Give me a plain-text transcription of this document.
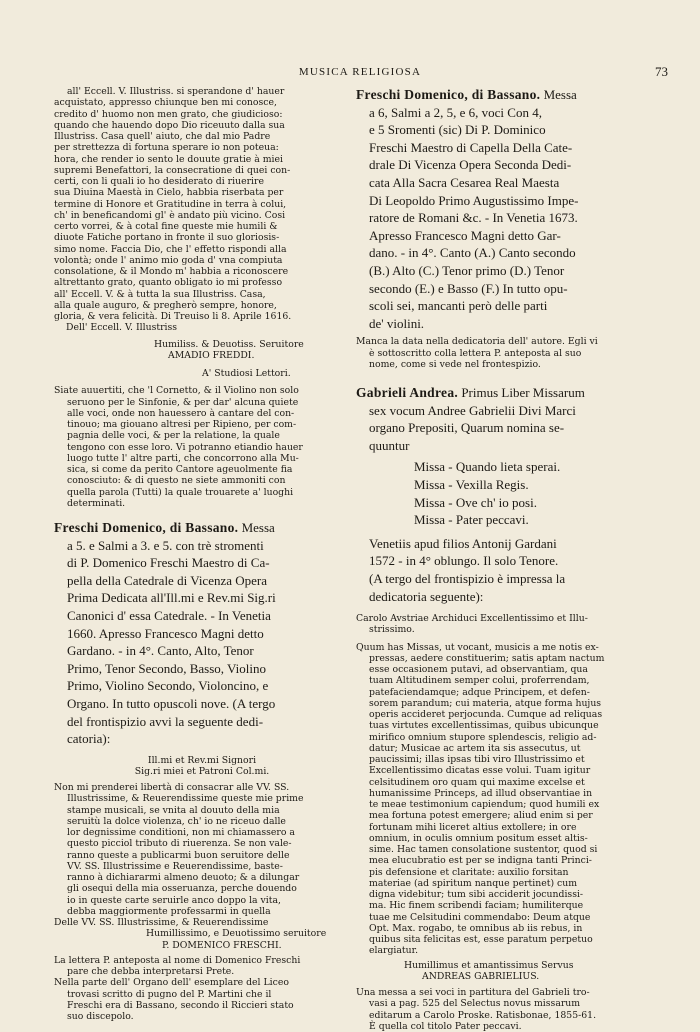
MUSICA RELIGIOSA	73

all' Eccell. V. Illustriss. si sperandone d' hauer

acquistato, appresso chiunque ben mi conosce,

credito d' huomo non men grato, che giudicioso:

quando che hauendo dopo Dio riceuuto dalla sua

Illustriss. Casa quell' aiuto, che dal mio Padre

per strettezza di fortuna sperare io non poteua:

hora, che render io sento le douute gratie à miei

supremi Benefattori, la consecratione di quei con-

certi, con li quali io ho desiderato di riuerire

sua Diuina Maestà in Cielo, habbia riserbata per

termine di Honore et Gratitudine in terra à colui,

ch' in beneficandomi gl' è andato più vicino. Cosi

certo vorrei, & à cotal fine queste mie humili &

diuote Fatiche portano in fronte il suo gloriosis-

simo nome. Faccia Dio, che l' effetto rispondi alla

volontà; onde l' animo mio goda d' vna compiuta

consolatione, & il Mondo m' habbia a riconoscere

altrettanto grato, quanto obligato io mi professo

all' Eccell. V. & à tutta la sua Illustriss. Casa,

alla quale auguro, & pregherò sempre, honore,

gloria, & vera felicità. Di Treuiso li 8. Aprile 1616.

Dell' Eccell. V. Illustriss

Humiliss. & Deuotiss. Seruitore

AMADIO FREDDI.

A' Studiosi Lettori.

Siate auuertiti, che 'l Cornetto, & il Violino non solo

seruono per le Sinfonie, & per dar' alcuna quiete

alle voci, onde non hauessero à cantare del con-

tinouo; ma giouano altresi per Ripieno, per com-

pagnia delle voci, & per la relatione, la quale

tengono con esse loro. Vi potranno etiandio hauer

luogo tutte l' altre parti, che concorrono alla Mu-

sica, si come da perito Cantore ageuolmente fia

conosciuto: & di questo ne siete ammoniti con

quella parola (Tutti) la quale trouarete a' luoghi

determinati.

Freschi Domenico, di Bassano. Messa

a 5. e Salmi a 3. e 5. con trè stromenti

di P. Domenico Freschi Maestro di Ca-

pella della Catedrale di Vicenza Opera

Prima Dedicata all'Ill.mi e Rev.mi Sig.ri

Canonici d' essa Catedrale. - In Venetia

1660. Apresso Francesco Magni detto

Gardano. - in 4°. Canto, Alto, Tenor

Primo, Tenor Secondo, Basso, Violino

Primo, Violino Secondo, Violoncino, e

Organo. In tutto opuscoli nove. (A tergo

del frontispizio avvi la seguente dedi-

catoria):

Ill.mi et Rev.mi Signori

Sig.ri miei et Patroni Col.mi.

Non mi prenderei libertà di consacrar alle VV. SS.

Illustrissime, & Reuerendissime queste mie prime

stampe musicali, se vnita al douuto della mia

seruitù la dolce violenza, ch' io ne riceuo dalle

lor degnissime conditioni, non mi chiamassero a

questo picciol tributo di riuerenza. Se non vale-

ranno queste a publicarmi buon seruitore delle

VV. SS. Illustrissime e Reuerendissime, baste-

ranno à dichiararmi almeno deuoto; & a dilungar

gli osequi della mia osseruanza, perche douendo

io in queste carte seruirle anco doppo la vita,

debba maggiormente professarmi in quella

Delle VV. SS. Illustrissime, & Reuerendissime

Humillissimo, e Deuotissimo seruitore

P. DOMENICO FRESCHI.

La lettera P. anteposta al nome di Domenico Freschi

pare che debba interpretarsi Prete.

Nella parte dell' Organo dell' esemplare del Liceo

trovasi scritto di pugno del P. Martini che il

Freschi era di Bassano, secondo il Riccieri stato

suo discepolo.

Freschi Domenico, di Bassano. Messa

a 6, Salmi a 2, 5, e 6, voci Con 4,

e 5 Sromenti (sic) Di P. Dominico

Freschi Maestro di Capella Della Cate-

drale Di Vicenza Opera Seconda Dedi-

cata Alla Sacra Cesarea Real Maesta

Di Leopoldo Primo Augustissimo Impe-

ratore de Romani &c. - In Venetia 1673.

Apresso Francesco Magni detto Gar-

dano. - in 4°. Canto (A.) Canto secondo

(B.) Alto (C.) Tenor primo (D.) Tenor

secondo (E.) e Basso (F.) In tutto opu-

scoli sei, mancanti però delle parti

de' violini.

Manca la data nella dedicatoria dell' autore. Egli vi

è sottoscritto colla lettera P. anteposta al suo

nome, come si vede nel frontespizio.

Gabrieli Andrea. Primus Liber Missarum

sex vocum Andree Gabrielii Divi Marci

organo Prepositi, Quarum nomina se-

quuntur

Missa - Quando lieta sperai.

Missa - Vexilla Regis.

Missa - Ove ch' io posi.

Missa - Pater peccavi.

Venetiis apud filios Antonij Gardani

1572 - in 4° oblungo. Il solo Tenore.

(A tergo del frontispizio è impressa la

dedicatoria seguente):

Carolo Avstriae Archiduci Excellentissimo et Illu-

strissimo.

Quum has Missas, ut vocant, musicis a me notis ex-

pressas, aedere constituerim; satis aptam nactum

esse occasionem putavi, ad observantiam, qua

tuam Altitudinem semper colui, proferrendam,

patefaciendamque; adque Principem, et defen-

sorem parandum; cui materia, atque forma hujus

operis accideret perjocunda. Cumque ad reliquas

tuas virtutes excellentissimas, quibus ubicunque

mirifico omnium stupore splendescis, religio ad-

datur; Musicae ac artem ita sis assecutus, ut

paucissimi; illas ipsas tibi viro Illustrissimo et

Excellentissimo dicatas esse volui. Tuam igitur

celsitudinem oro quam qui maxime excelse et

humanissime Princeps, ad illud observantiae in

te meae testimonium capiendum; quod humili ex

mea fortuna potest emergere; aliud enim si per

fortunam mihi liceret altius extollere; in ore

omnium, in oculis omnium positum esset altis-

sime. Hac tamen consolatione sustentor, quod si

mea elucubratio est per se indigna tanti Princi-

pis defensione et claritate: auxilio forsitan

materiae (ad spiritum nanque pertinet) cum

digna videbitur; tum sibi acciderit jocundissi-

ma. Hic finem scribendi faciam; humiliterque

tuae me Celsitudini commendabo: Deum atque

Opt. Max. rogabo, te omnibus ab iis rebus, in

quibus sita felicitas est, esse paratum perpetuo

elargiatur.

Humillimus et amantissimus Servus

ANDREAS GABRIELIUS.

Una messa a sei voci in partitura del Gabrieli tro-

vasi a pag. 525 del Selectus novus missarum

editarum a Carolo Proske. Ratisbonae, 1855-61.

È quella col titolo Pater peccavi.
